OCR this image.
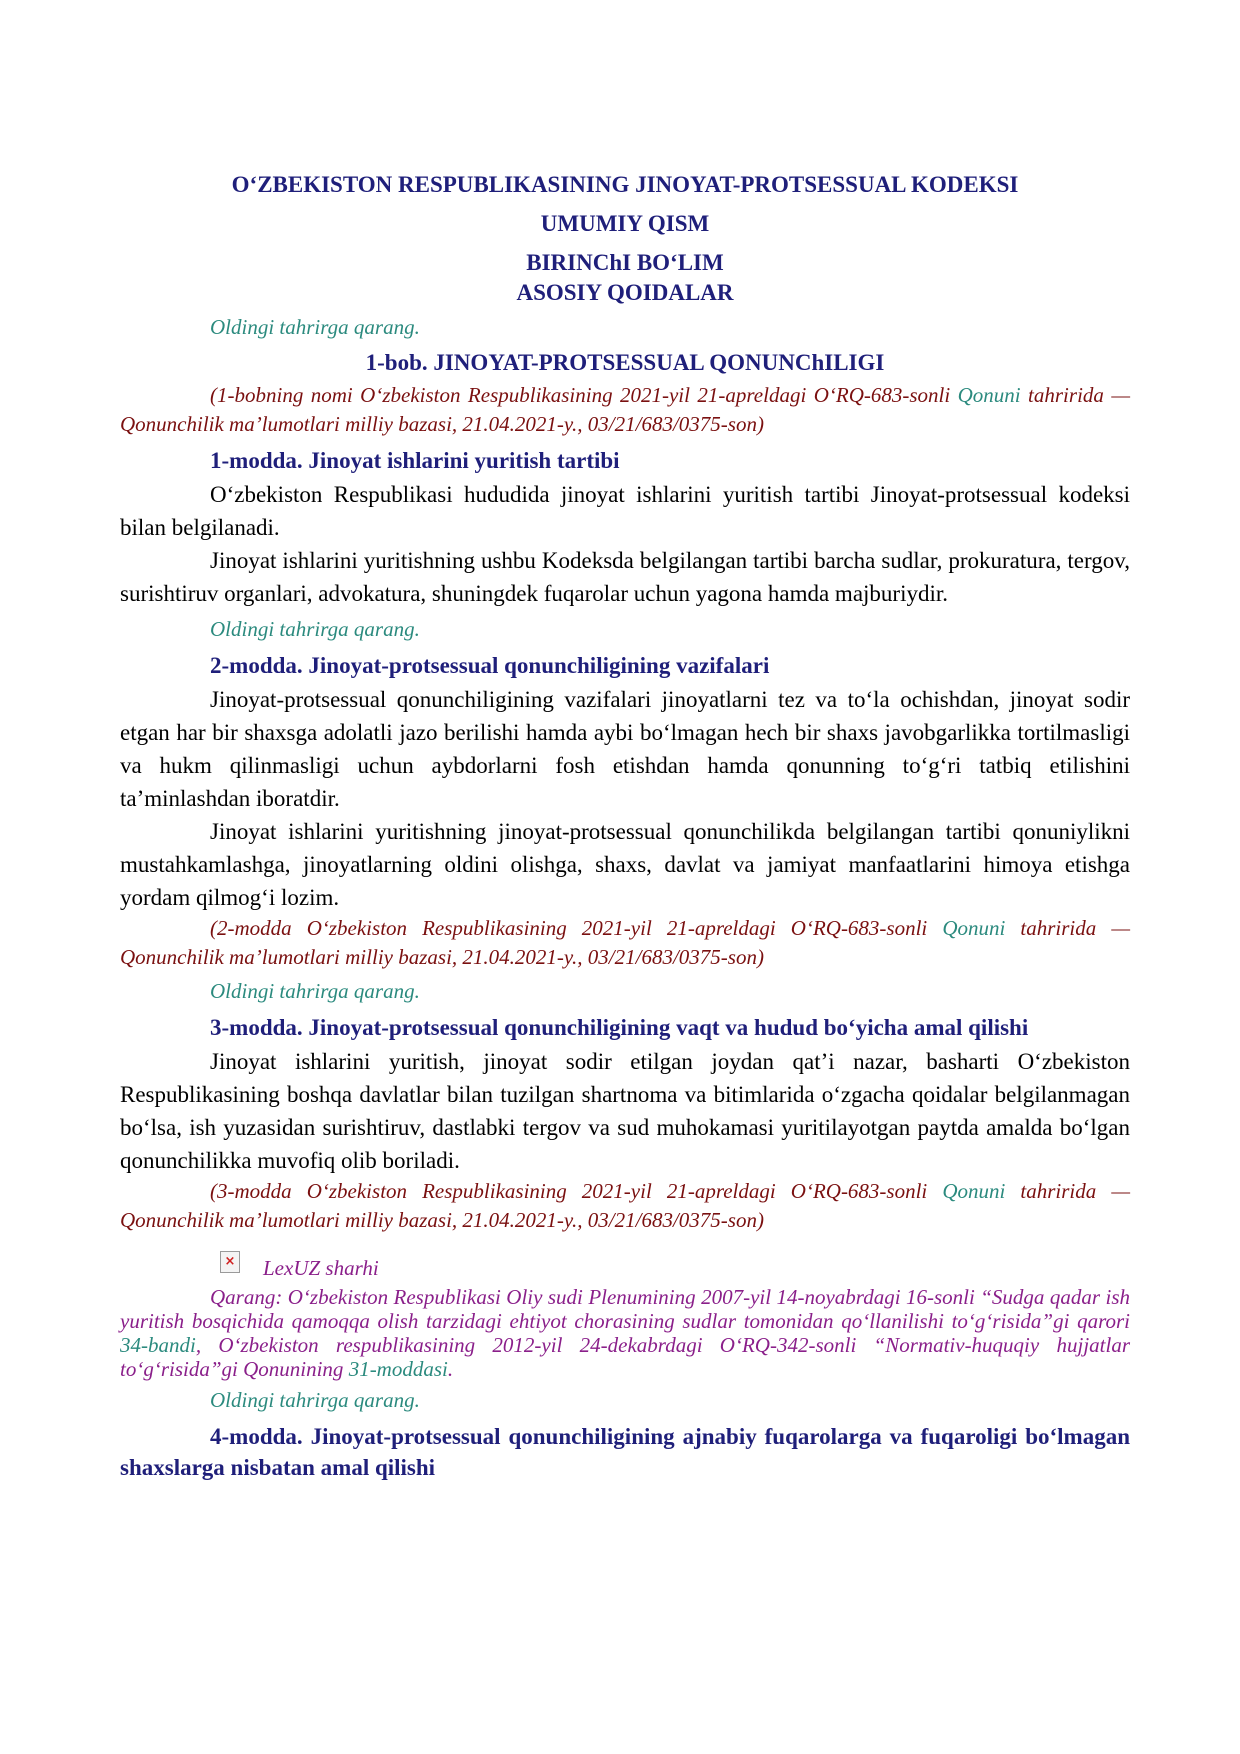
O‘ZBEKISTON RESPUBLIKASINING JINOYAT-PROTSESSUAL KODEKSI
UMUMIY QISM
BIRINChI BO‘LIM
ASOSIY QOIDALAR
Oldingi tahrirga qarang.
1-bob. JINOYAT-PROTSESSUAL QONUNChILIGI
(1-bobning nomi O‘zbekiston Respublikasining 2021-yil 21-apreldagi O‘RQ-683-sonli Qonuni tahririda — Qonunchilik ma’lumotlari milliy bazasi, 21.04.2021-y., 03/21/683/0375-son)
1-modda. Jinoyat ishlarini yuritish tartibi
O‘zbekiston Respublikasi hududida jinoyat ishlarini yuritish tartibi Jinoyat-protsessual kodeksi bilan belgilanadi.
Jinoyat ishlarini yuritishning ushbu Kodeksda belgilangan tartibi barcha sudlar, prokuratura, tergov, surishtiruv organlari, advokatura, shuningdek fuqarolar uchun yagona hamda majburiydir.
Oldingi tahrirga qarang.
2-modda. Jinoyat-protsessual qonunchiligining vazifalari
Jinoyat-protsessual qonunchiligining vazifalari jinoyatlarni tez va to‘la ochishdan, jinoyat sodir etgan har bir shaxsga adolatli jazo berilishi hamda aybi bo‘lmagan hech bir shaxs javobgarlikka tortilmasligi va hukm qilinmasligi uchun aybdorlarni fosh etishdan hamda qonunning to‘g‘ri tatbiq etilishini ta’minlashdan iboratdir.
Jinoyat ishlarini yuritishning jinoyat-protsessual qonunchilikda belgilangan tartibi qonuniylikni mustahkamlashga, jinoyatlarning oldini olishga, shaxs, davlat va jamiyat manfaatlarini himoya etishga yordam qilmog‘i lozim.
(2-modda O‘zbekiston Respublikasining 2021-yil 21-apreldagi O‘RQ-683-sonli Qonuni tahririda — Qonunchilik ma’lumotlari milliy bazasi, 21.04.2021-y., 03/21/683/0375-son)
Oldingi tahrirga qarang.
3-modda. Jinoyat-protsessual qonunchiligining vaqt va hudud bo‘yicha amal qilishi
Jinoyat ishlarini yuritish, jinoyat sodir etilgan joydan qat’i nazar, basharti O‘zbekiston Respublikasining boshqa davlatlar bilan tuzilgan shartnoma va bitimlarida o‘zgacha qoidalar belgilanmagan bo‘lsa, ish yuzasidan surishtiruv, dastlabki tergov va sud muhokamasi yuritilayotgan paytda amalda bo‘lgan qonunchilikka muvofiq olib boriladi.
(3-modda O‘zbekiston Respublikasining 2021-yil 21-apreldagi O‘RQ-683-sonli Qonuni tahririda — Qonunchilik ma’lumotlari milliy bazasi, 21.04.2021-y., 03/21/683/0375-son)
× LexUZ sharhi
Qarang: O‘zbekiston Respublikasi Oliy sudi Plenumining 2007-yil 14-noyabrdagi 16-sonli “Sudga qadar ish yuritish bosqichida qamoqqa olish tarzidagi ehtiyot chorasining sudlar tomonidan qo‘llanilishi to‘g‘risida”gi qarori 34-bandi, O‘zbekiston respublikasining 2012-yil 24-dekabrdagi O‘RQ-342-sonli “Normativ-huquqiy hujjatlar to‘g‘risida”gi Qonunining 31-moddasi.
Oldingi tahrirga qarang.
4-modda. Jinoyat-protsessual qonunchiligining ajnabiy fuqarolarga va fuqaroligi bo‘lmagan shaxslarga nisbatan amal qilishi
